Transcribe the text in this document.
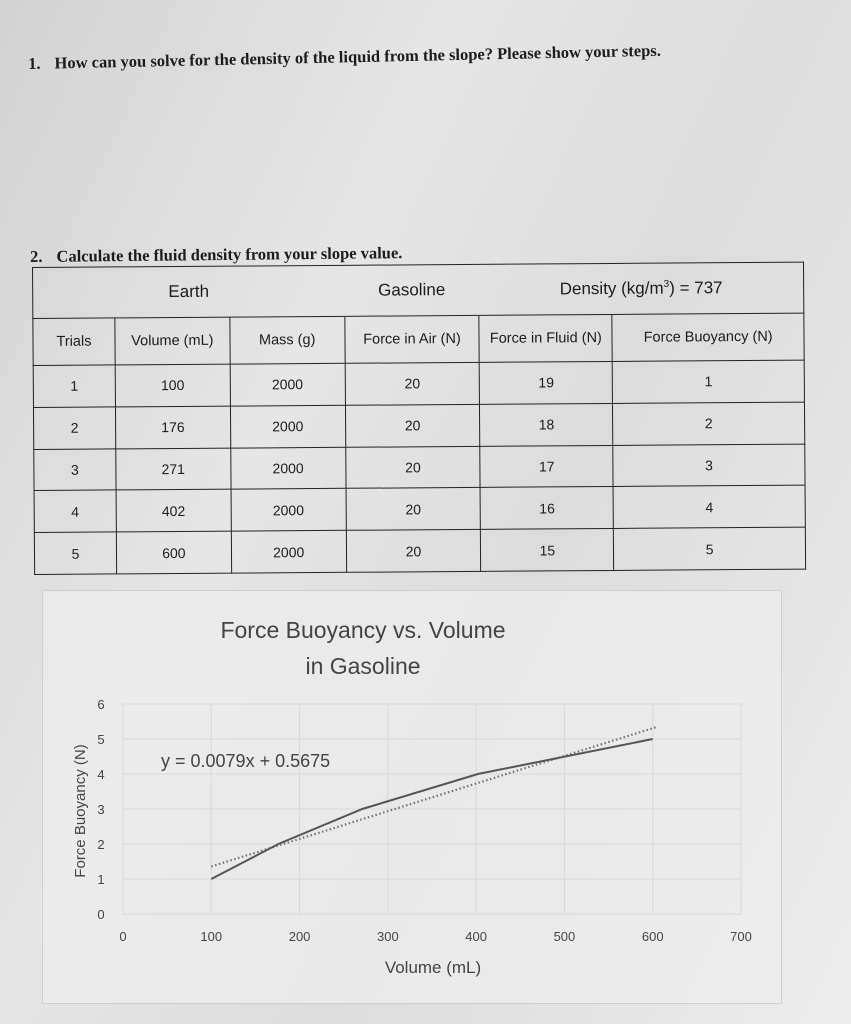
1. How can you solve for the density of the liquid from the slope? Please show your steps.
2. Calculate the fluid density from your slope value.
Earth			Gasoline	Density $(kg/m^3) = 737$	
Trials	Volume (mL)	Mass (g)	Force in Air (N)	Force in Fluid (N)	Force Buoyancy (N)
1	100	2000	20	19	1
2	176	2000	20	18	2
3	271	2000	20	17	3
4	402	2000	20	16	4
5	600	2000	20	15	5
Force Buoyancy vs. Volume
in Gasoline
0
1
2
3
4
5
6
0	100	200	300	400	500	600	700
y = 0.0079x + 0.5675
Volume (mL)
Force Buoyancy (N)
